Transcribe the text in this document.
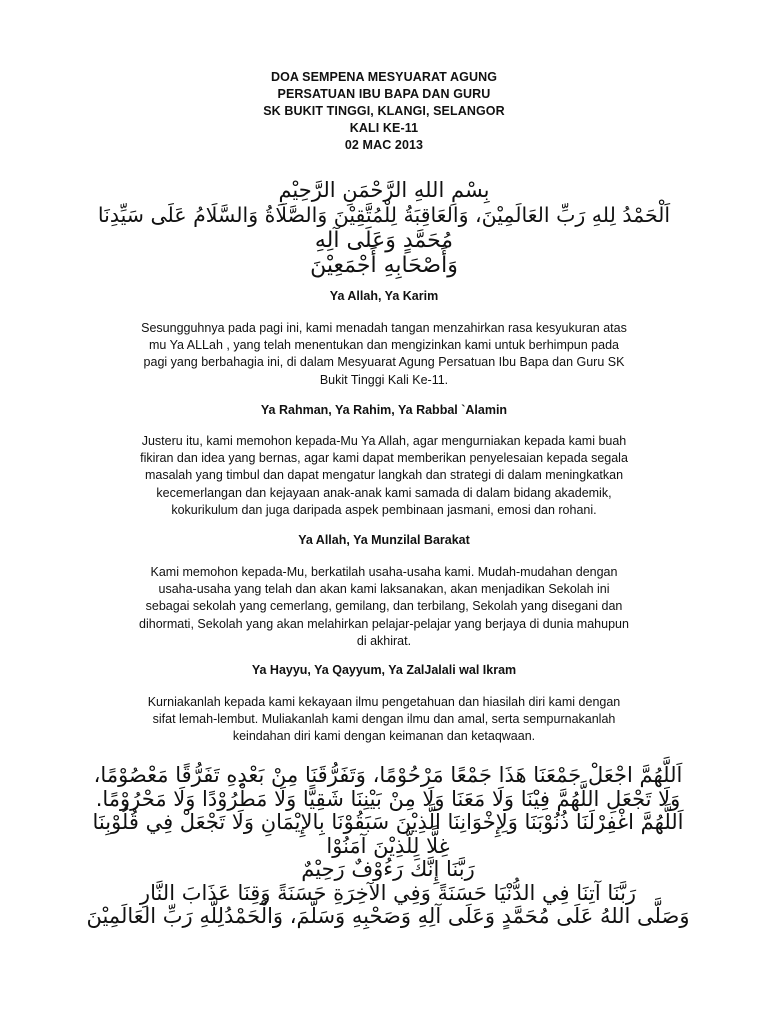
DOA SEMPENA MESYUARAT AGUNG
PERSATUAN IBU BAPA DAN GURU
SK BUKIT TINGGI, KLANGI, SELANGOR
KALI KE-11
02 MAC 2013
بِسْمِ اللهِ الرَّحْمَنِ الرَّحِيْمِ
اَلْحَمْدُ لِلهِ رَبِّ العَالَمِيْنَ، وَالعَاقِبَةُ لِلْمُتَّقِيْنَ وَالصَّلَاةُ وَالسَّلَامُ عَلَى سَيِّدِنَا
مُحَمَّدٍ وَعَلَى آلِهِ
وَأَصْحَابِهِ أَجْمَعِيْنَ
Ya Allah, Ya Karim
Sesungguhnya pada pagi ini, kami menadah tangan menzahirkan rasa kesyukuran atas
mu Ya ALLah , yang telah menentukan dan mengizinkan kami untuk berhimpun pada
pagi yang berbahagia ini, di dalam Mesyuarat Agung Persatuan Ibu Bapa dan Guru SK
Bukit Tinggi Kali Ke-11.
Ya Rahman, Ya Rahim, Ya Rabbal `Alamin
Justeru itu, kami memohon kepada-Mu Ya Allah, agar mengurniakan kepada kami buah
fikiran dan idea yang bernas, agar kami dapat memberikan penyelesaian kepada segala
masalah yang timbul dan dapat mengatur langkah dan strategi di dalam meningkatkan
kecemerlangan dan kejayaan anak-anak kami samada di dalam bidang akademik,
kokurikulum dan juga daripada aspek pembinaan jasmani, emosi dan rohani.
Ya Allah, Ya Munzilal Barakat
Kami memohon kepada-Mu, berkatilah usaha-usaha kami. Mudah-mudahan dengan
usaha-usaha yang telah dan akan kami laksanakan, akan menjadikan Sekolah ini
sebagai sekolah yang cemerlang, gemilang, dan terbilang, Sekolah yang disegani dan
dihormati, Sekolah yang akan melahirkan pelajar-pelajar yang berjaya di dunia mahupun
di akhirat.
Ya Hayyu, Ya Qayyum, Ya ZalJalali wal Ikram
Kurniakanlah kepada kami kekayaan ilmu pengetahuan dan hiasilah diri kami dengan
sifat lemah-lembut. Muliakanlah kami dengan ilmu dan amal, serta sempurnakanlah
keindahan diri kami dengan keimanan dan ketaqwaan.
اَللَّهُمَّ اجْعَلْ جَمْعَنَا هَذَا جَمْعًا مَرْحُوْمًا، وَتَفَرُّقَنَا مِنْ بَعْدِهِ تَفَرُّقًا مَعْصُوْمًا،
وَلَا تَجْعَلِ اللَّهُمَّ فِيْنَا وَلَا مَعَنَا وَلَا مِنْ بَيْنِنَا شَقِيًّا وَلَا مَطْرُوْدًا وَلَا مَحْرُوْمًا.
اَللَّهُمَّ اغْفِرْلَنَا ذُنُوْبَنَا وَلِإِخْوَانِنَا الَّذِيْنَ سَبَقُوْنَا بِالإِيْمَانِ وَلَا تَجْعَلْ فِي قُلُوْبِنَا
غِلًّا لِلَّذِيْنَ آمَنُوْا
رَبَّنَا إِنَّكَ رَءُوْفٌ رَحِيْمٌ
رَبَّنَا آتِنَا فِي الدُّنْيَا حَسَنَةً وَفِي الآخِرَةِ حَسَنَةً وَقِنَا عَذَابَ النَّارِ
وَصَلَّى اللهُ عَلَى مُحَمَّدٍ وَعَلَى آلِهِ وَصَحْبِهِ وَسَلَّمَ، وَالْحَمْدُلِلَّهِ رَبِّ العَالَمِيْنَ
